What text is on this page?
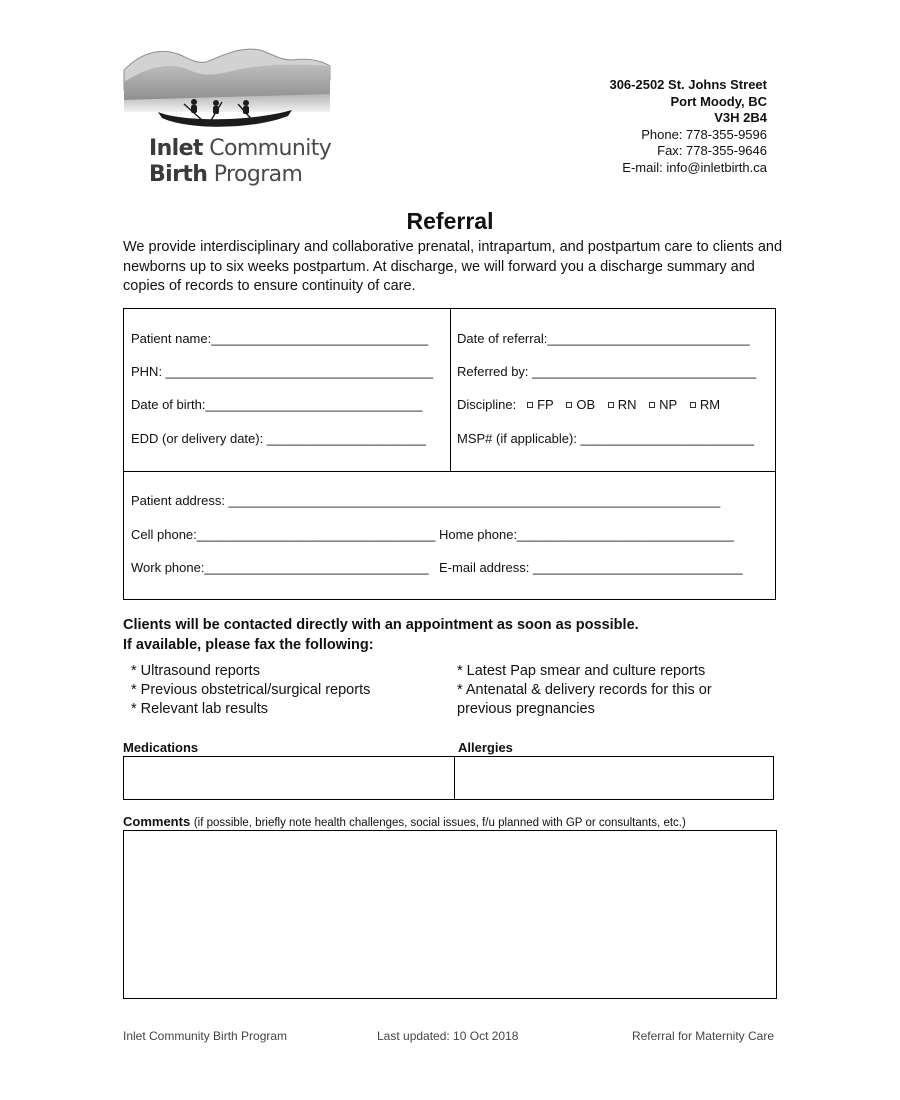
Inlet Community
Birth Program
306-2502 St. Johns Street
Port Moody, BC
V3H 2B4
Phone: 778-355-9596
Fax: 778-355-9646
E-mail: info@inletbirth.ca
Referral
We provide interdisciplinary and collaborative prenatal, intrapartum, and postpartum care to clients and newborns up to six weeks postpartum. At discharge, we will forward you a discharge summary and copies of records to ensure continuity of care.
Patient name:______________________________
PHN: _____________________________________
Date of birth:______________________________
EDD (or delivery date): ______________________
Date of referral:____________________________
Referred by: _______________________________
Discipline: FP OB RN NP RM
MSP# (if applicable): ________________________
Patient address: ____________________________________________________________________
Cell phone:_________________________________ Home phone:______________________________
Work phone:_______________________________ E-mail address: _____________________________
Clients will be contacted directly with an appointment as soon as possible.
If available, please fax the following:
* Ultrasound reports
* Previous obstetrical/surgical reports
* Relevant lab results
* Latest Pap smear and culture reports
* Antenatal & delivery records for this or
previous pregnancies
Medications	Allergies
Comments (if possible, briefly note health challenges, social issues, f/u planned with GP or consultants, etc.)
Inlet Community Birth Program	Last updated: 10 Oct 2018	Referral for Maternity Care
